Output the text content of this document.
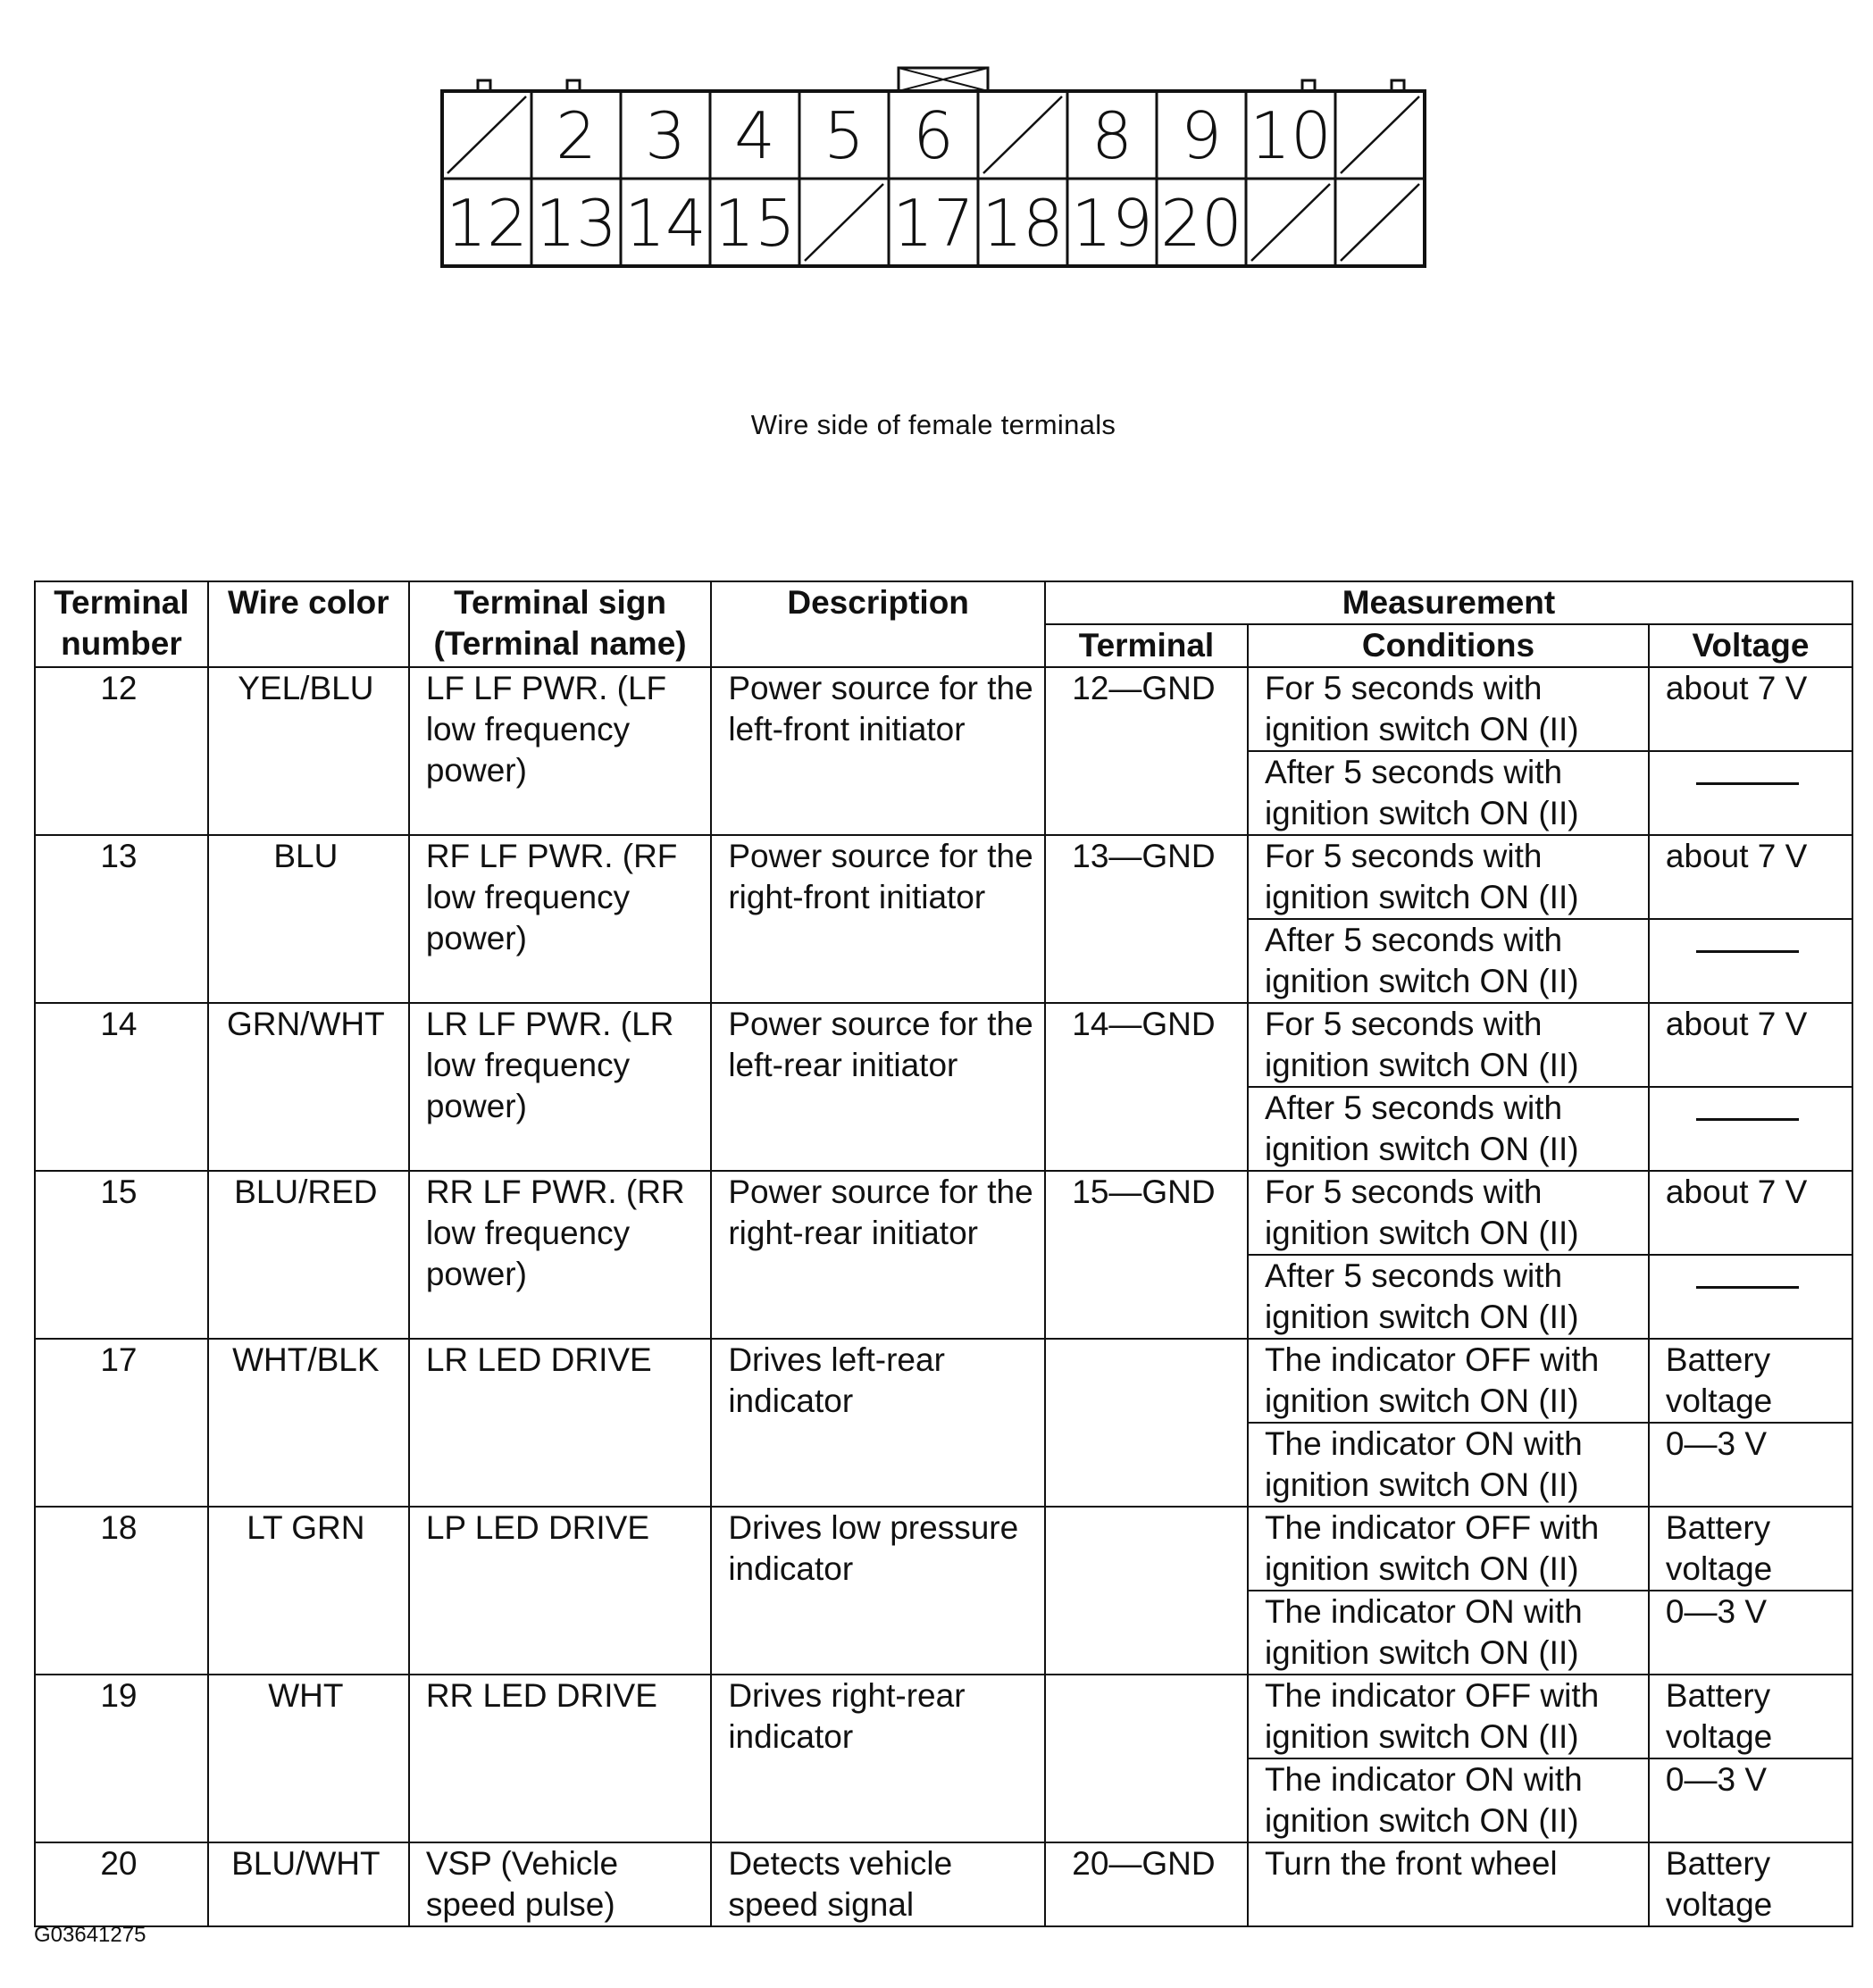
2 3 4 5 6 8 9 10
12 13 14 15 17 18 19 20
Wire side of female terminals
Terminal number	Wire color	Terminal sign (Terminal name)	Description	Measurement		
				Terminal	Conditions	Voltage
12	YEL/BLU	LF LF PWR. (LF low frequency power)	Power source for the left-front initiator	12—GND	For 5 seconds with ignition switch ON (II)	about 7 V
					After 5 seconds with ignition switch ON (II)	
13	BLU	RF LF PWR. (RF low frequency power)	Power source for the right-front initiator	13—GND	For 5 seconds with ignition switch ON (II)	about 7 V
					After 5 seconds with ignition switch ON (II)	
14	GRN/WHT	LR LF PWR. (LR low frequency power)	Power source for the left-rear initiator	14—GND	For 5 seconds with ignition switch ON (II)	about 7 V
					After 5 seconds with ignition switch ON (II)	
15	BLU/RED	RR LF PWR. (RR low frequency power)	Power source for the right-rear initiator	15—GND	For 5 seconds with ignition switch ON (II)	about 7 V
					After 5 seconds with ignition switch ON (II)	
17	WHT/BLK	LR LED DRIVE	Drives left-rear indicator		The indicator OFF with ignition switch ON (II)	Battery voltage
					The indicator ON with ignition switch ON (II)	0—3 V
18	LT GRN	LP LED DRIVE	Drives low pressure indicator		The indicator OFF with ignition switch ON (II)	Battery voltage
					The indicator ON with ignition switch ON (II)	0—3 V
19	WHT	RR LED DRIVE	Drives right-rear indicator		The indicator OFF with ignition switch ON (II)	Battery voltage
					The indicator ON with ignition switch ON (II)	0—3 V
20	BLU/WHT	VSP (Vehicle speed pulse)	Detects vehicle speed signal	20—GND	Turn the front wheel	Battery voltage
G03641275
